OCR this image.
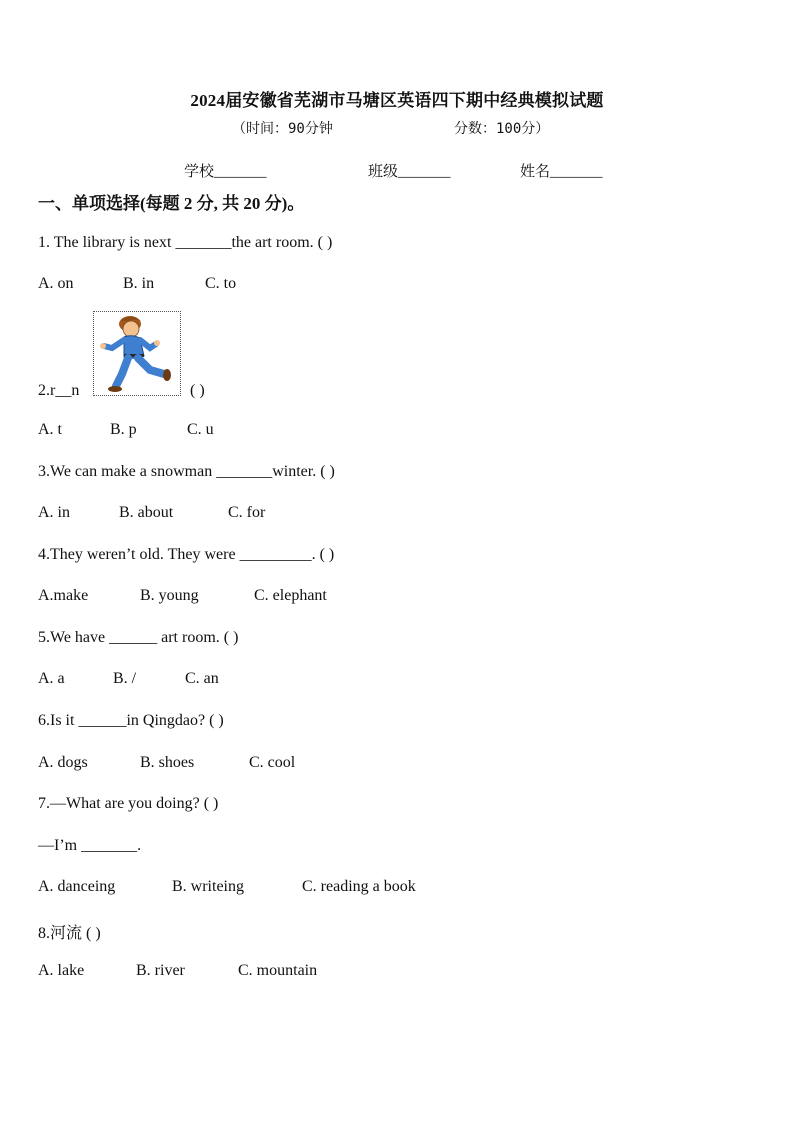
2024届安徽省芜湖市马塘区英语四下期中经典模拟试题
（时间：90分钟	分数：100分）
学校_______	班级_______	姓名_______
一、单项选择(每题 2 分, 共 20 分)。
1. The library is next _______the art room. ( )
A. on	B. in	C. to
2.r__n	( )
A. t	B. p	C. u
3.We can make a snowman _______winter. ( )
A. in	B. about	C. for
4.They weren’t old. They were _________. ( )
A.make	B. young	C. elephant
5.We have ______ art room. ( )
A. a	B. /	C. an
6.Is it ______in Qingdao? ( )
A. dogs	B. shoes	C. cool
7.—What are you doing? ( )
—I’m _______.
A. danceing	B. writeing	C. reading a book
8.河流 ( )
A. lake	B. river	C. mountain
